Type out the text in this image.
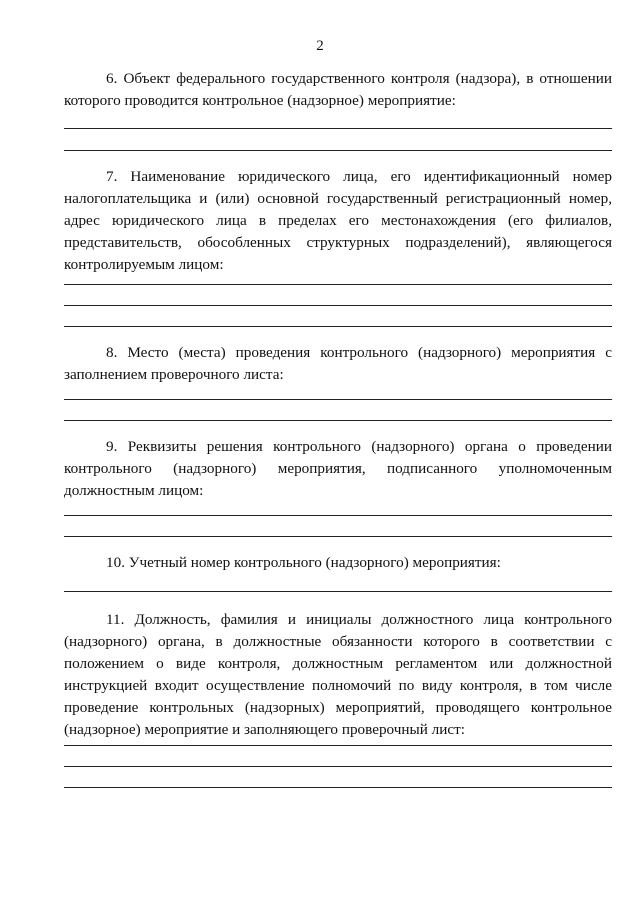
2

6. Объект федерального государственного контроля (надзора), в отношении которого проводится контрольное (надзорное) мероприятие:

7. Наименование юридического лица, его идентификационный номер налогоплательщика и (или) основной государственный регистрационный номер, адрес юридического лица в пределах его местонахождения (его филиалов, представительств, обособленных структурных подразделений), являющегося контролируемым лицом:

8. Место (места) проведения контрольного (надзорного) мероприятия с заполнением проверочного листа:

9. Реквизиты решения контрольного (надзорного) органа о проведении контрольного (надзорного) мероприятия, подписанного уполномоченным должностным лицом:

10. Учетный номер контрольного (надзорного) мероприятия:

11. Должность, фамилия и инициалы должностного лица контрольного (надзорного) органа, в должностные обязанности которого в соответствии с положением о виде контроля, должностным регламентом или должностной инструкцией входит осуществление полномочий по виду контроля, в том числе проведение контрольных (надзорных) мероприятий, проводящего контрольное (надзорное) мероприятие и заполняющего проверочный лист:
